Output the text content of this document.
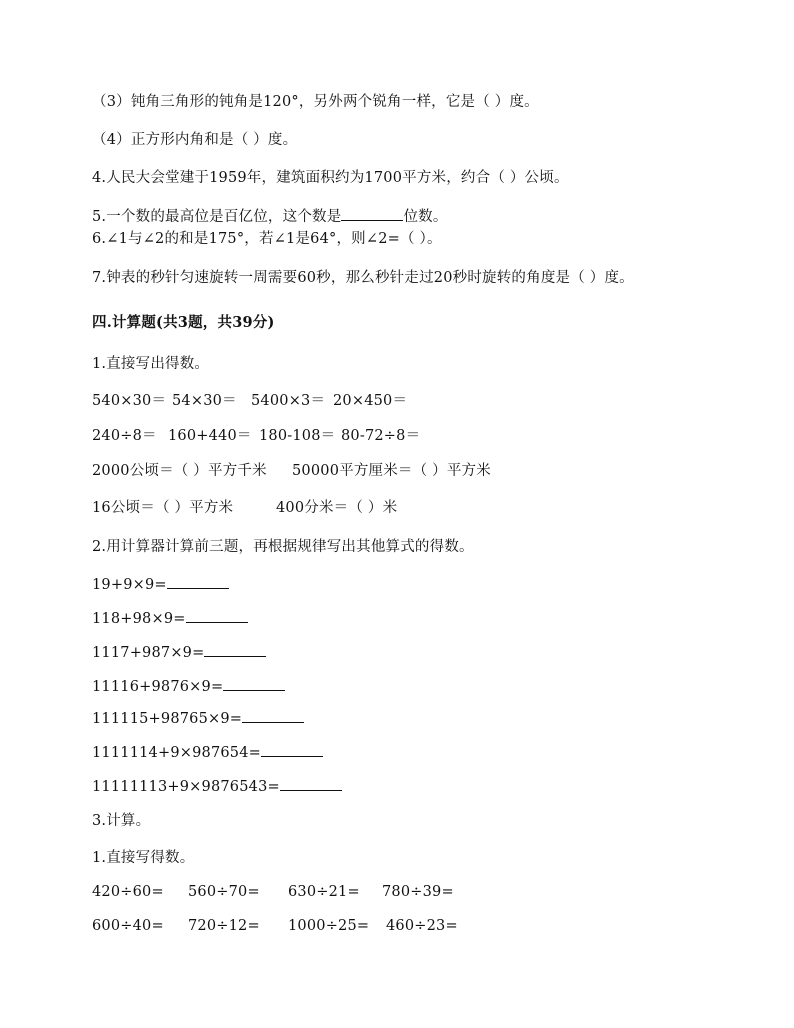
（3）钝角三角形的钝角是120°，另外两个锐角一样，它是（ ）度。
（4）正方形内角和是（ ）度。
4.人民大会堂建于1959年，建筑面积约为1700平方米，约合（ ）公顷。
5.一个数的最高位是百亿位，这个数是	位数。
6.∠1与∠2的和是175°，若∠1是64°，则∠2=（ ）。
7.钟表的秒针匀速旋转一周需要60秒，那么秒针走过20秒时旋转的角度是（ ）度。
四.计算题(共3题，共39分)
1.直接写出得数。
540×30＝ 54×30＝ 5400×3＝ 20×450＝
240÷8＝ 160+440＝ 180-108＝ 80-72÷8＝
2000公顷＝（ ）平方千米 50000平方厘米＝（ ）平方米
16公顷＝（ ）平方米	400分米＝（ ）米
2.用计算器计算前三题，再根据规律写出其他算式的得数。
19+9×9=
118+98×9=
1117+987×9=
11116+9876×9=
111115+98765×9=
1111114+9×987654=
11111113+9×9876543=
3.计算。
1.直接写得数。
420÷60= 560÷70= 630÷21= 780÷39=
600÷40= 720÷12= 1000÷25= 460÷23=
